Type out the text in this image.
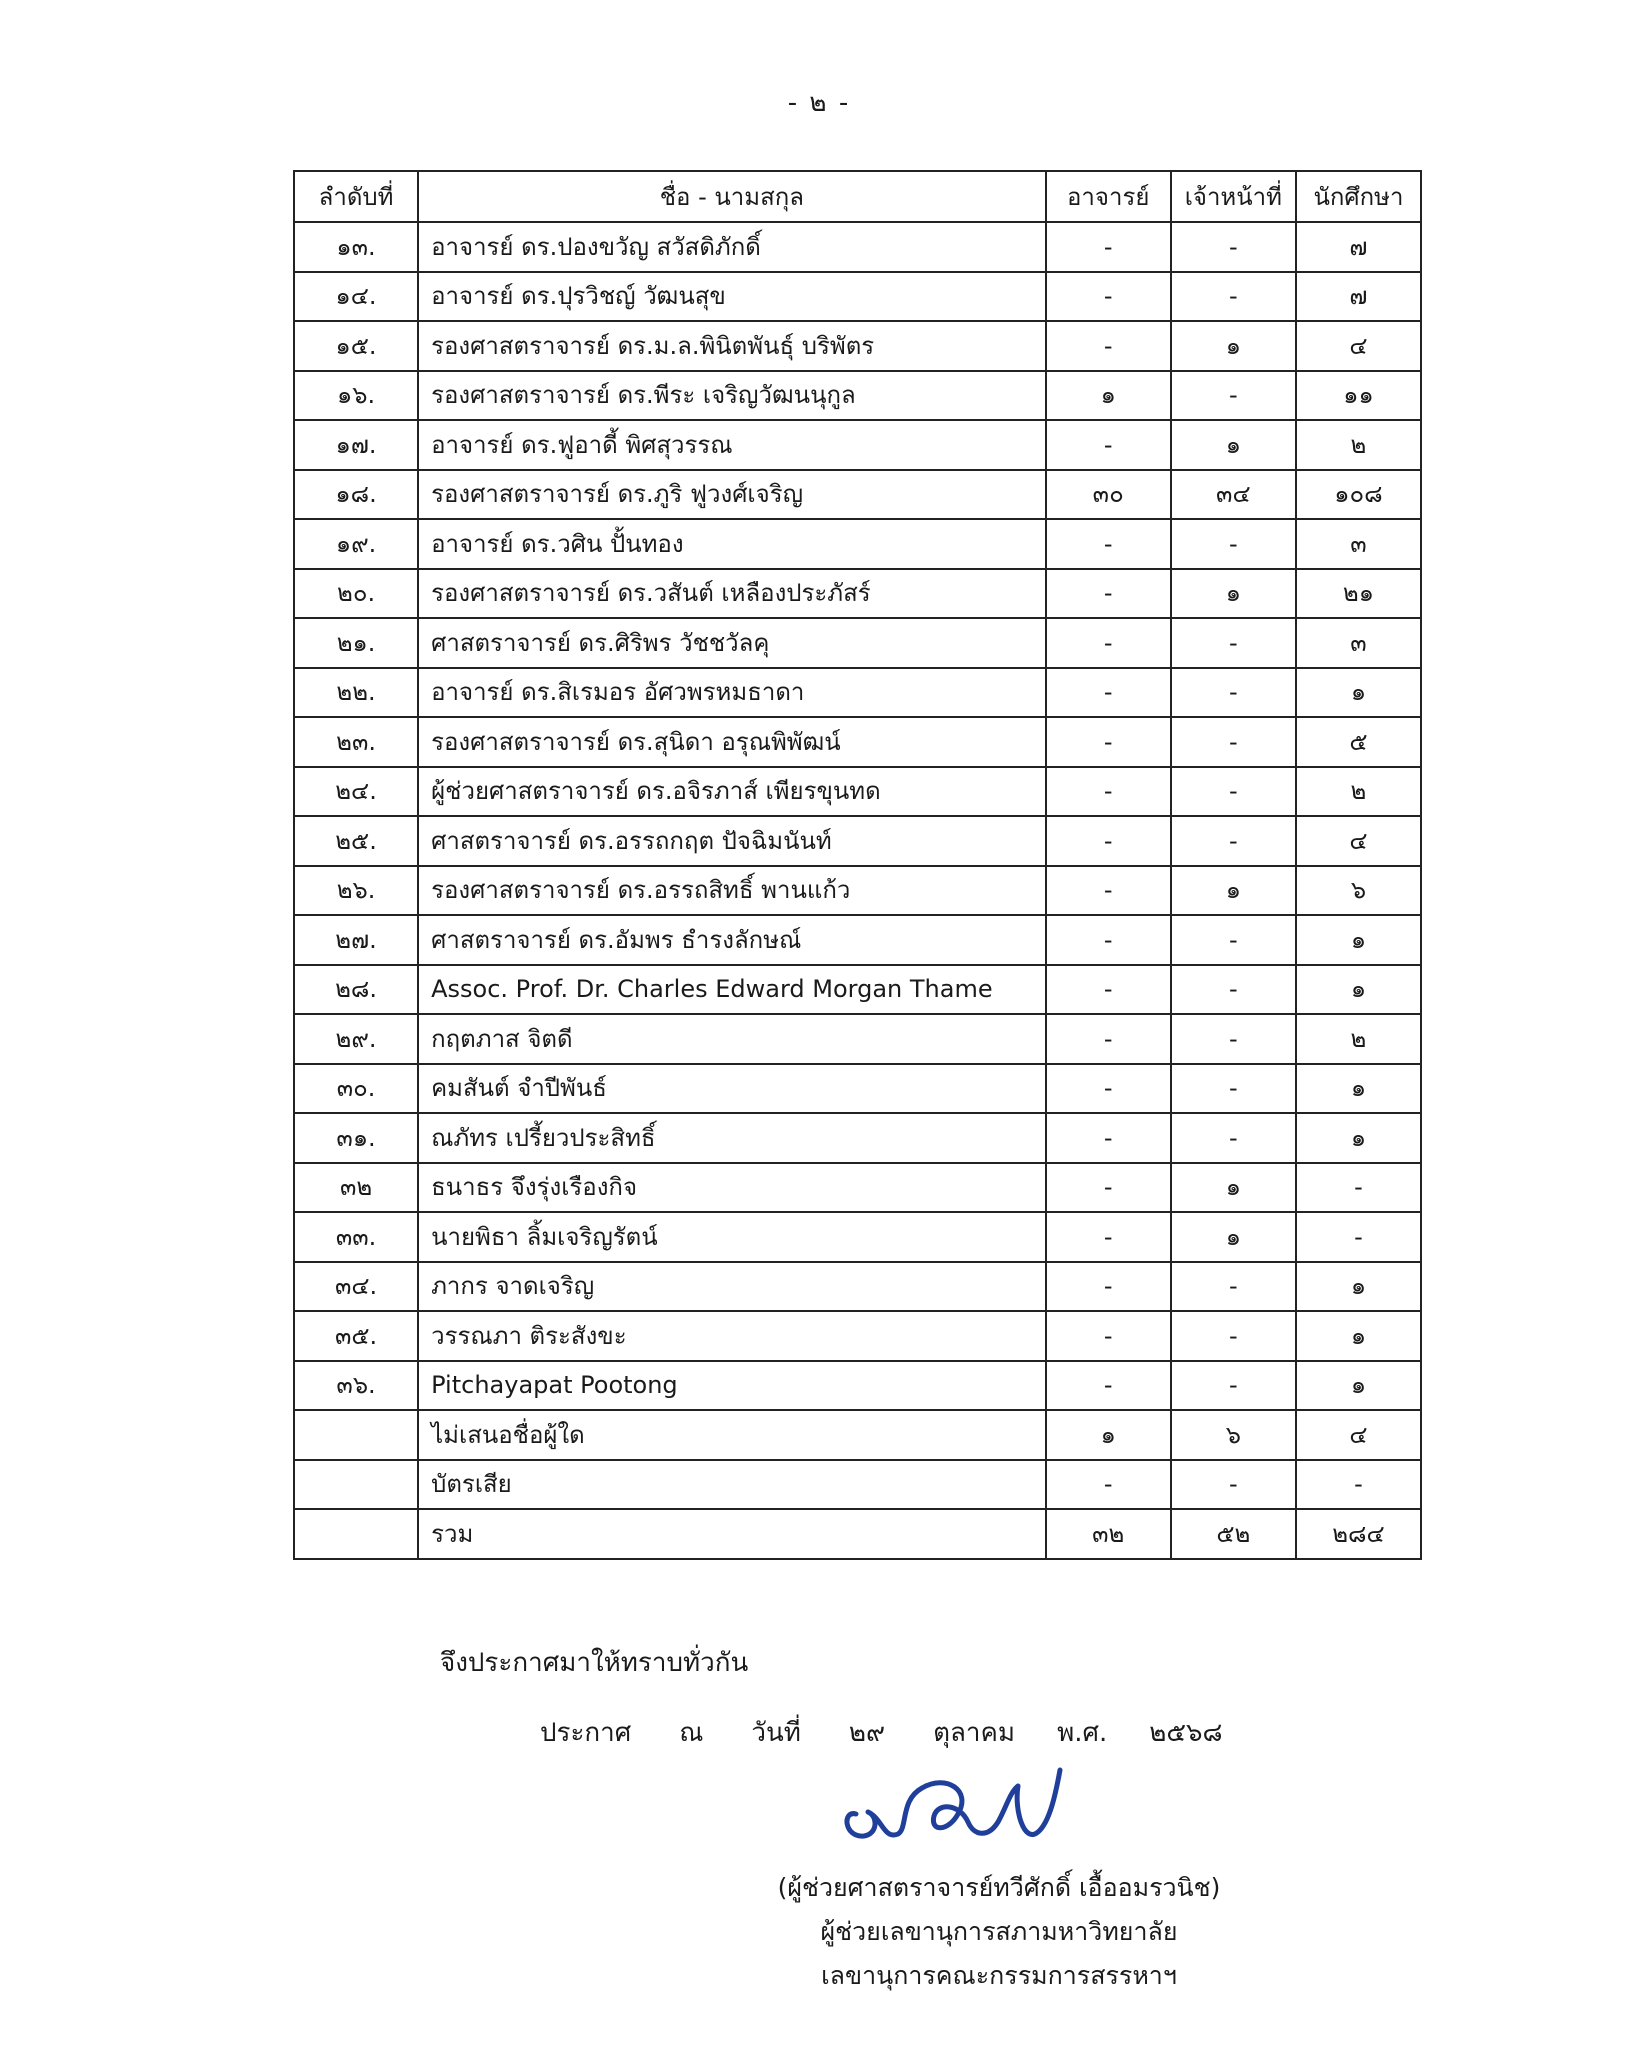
- ๒ -
ลำดับที่	ชื่อ - นามสกุล	อาจารย์	เจ้าหน้าที่	นักศึกษา
๑๓.	อาจารย์ ดร.ปองขวัญ สวัสดิภักดิ์	-	-	๗
๑๔.	อาจารย์ ดร.ปุรวิชญ์ วัฒนสุข	-	-	๗
๑๕.	รองศาสตราจารย์ ดร.ม.ล.พินิตพันธุ์ บริพัตร	-	๑	๔
๑๖.	รองศาสตราจารย์ ดร.พีระ เจริญวัฒนนุกูล	๑	-	๑๑
๑๗.	อาจารย์ ดร.ฟูอาดี้ พิศสุวรรณ	-	๑	๒
๑๘.	รองศาสตราจารย์ ดร.ภูริ ฟูวงศ์เจริญ	๓๐	๓๔	๑๐๘
๑๙.	อาจารย์ ดร.วศิน ปั้นทอง	-	-	๓
๒๐.	รองศาสตราจารย์ ดร.วสันต์ เหลืองประภัสร์	-	๑	๒๑
๒๑.	ศาสตราจารย์ ดร.ศิริพร วัชชวัลคุ	-	-	๓
๒๒.	อาจารย์ ดร.สิเรมอร อัศวพรหมธาดา	-	-	๑
๒๓.	รองศาสตราจารย์ ดร.สุนิดา อรุณพิพัฒน์	-	-	๕
๒๔.	ผู้ช่วยศาสตราจารย์ ดร.อจิรภาส์ เพียรขุนทด	-	-	๒
๒๕.	ศาสตราจารย์ ดร.อรรถกฤต ปัจฉิมนันท์	-	-	๔
๒๖.	รองศาสตราจารย์ ดร.อรรถสิทธิ์ พานแก้ว	-	๑	๖
๒๗.	ศาสตราจารย์ ดร.อัมพร ธำรงลักษณ์	-	-	๑
๒๘.	Assoc. Prof. Dr. Charles Edward Morgan Thame	-	-	๑
๒๙.	กฤตภาส จิตดี	-	-	๒
๓๐.	คมสันต์ จำปีพันธ์	-	-	๑
๓๑.	ณภัทร เปรี้ยวประสิทธิ์	-	-	๑
๓๒	ธนาธร จึงรุ่งเรืองกิจ	-	๑	-
๓๓.	นายพิธา ลิ้มเจริญรัตน์	-	๑	-
๓๔.	ภากร จาดเจริญ	-	-	๑
๓๕.	วรรณภา ติระสังขะ	-	-	๑
๓๖.	Pitchayapat Pootong	-	-	๑
	ไม่เสนอชื่อผู้ใด	๑	๖	๔
	บัตรเสีย	-	-	-
	รวม	๓๒	๕๒	๒๘๔
จึงประกาศมาให้ทราบทั่วกัน
ประกาศ ณ วันที่ ๒๙ ตุลาคม พ.ศ. ๒๕๖๘
(ผู้ช่วยศาสตราจารย์ทวีศักดิ์ เอื้ออมรวนิช)
ผู้ช่วยเลขานุการสภามหาวิทยาลัย
เลขานุการคณะกรรมการสรรหาฯ
